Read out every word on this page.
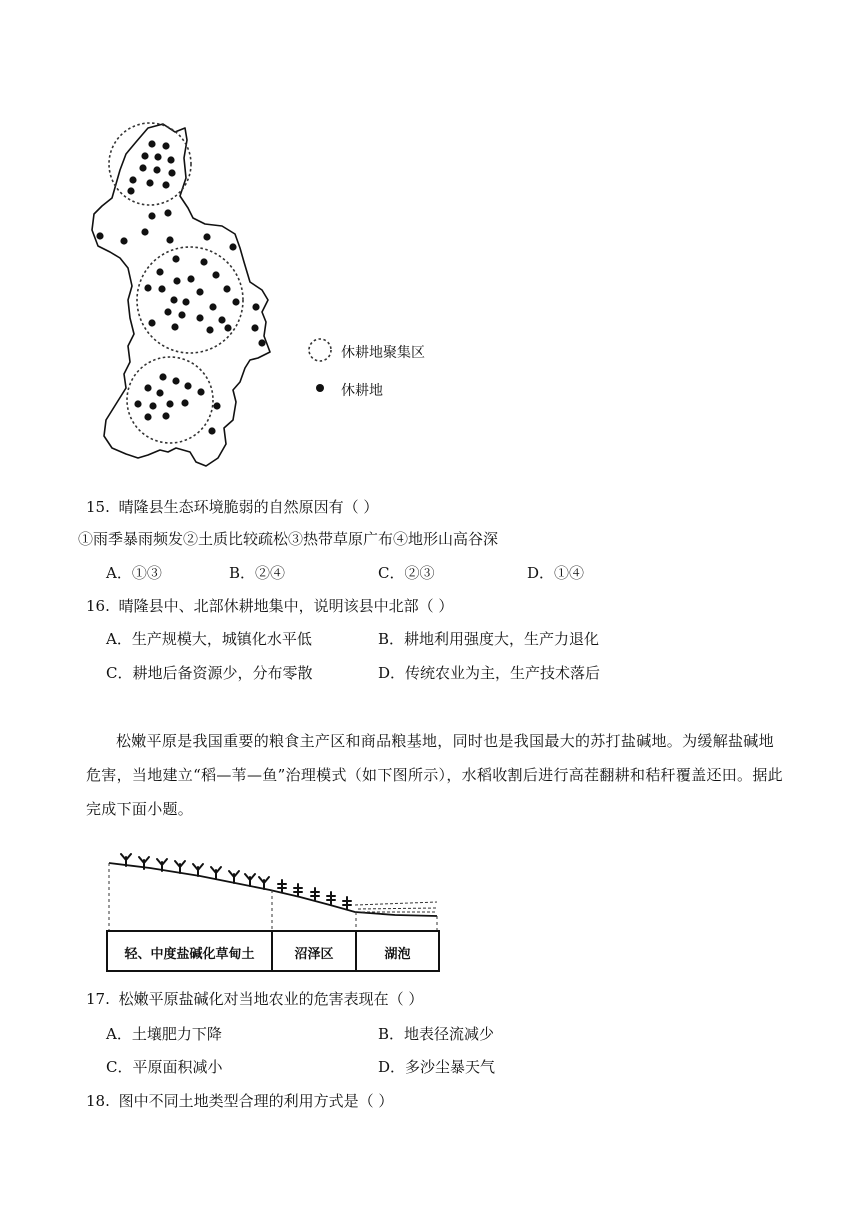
休耕地聚集区
休耕地
15. 晴隆县生态环境脆弱的自然原因有（ ）
①雨季暴雨频发②土质比较疏松③热带草原广布④地形山高谷深
A．①③	B．②④	C．②③	D．①④
16. 晴隆县中、北部休耕地集中，说明该县中北部（ ）
A．生产规模大，城镇化水平低	B．耕地利用强度大，生产力退化
C．耕地后备资源少，分布零散	D．传统农业为主，生产技术落后
松嫩平原是我国重要的粮食主产区和商品粮基地，同时也是我国最大的苏打盐碱地。为缓解盐碱地危害，当地建立“稻—苇—鱼”治理模式（如下图所示），水稻收割后进行高茬翻耕和秸秆覆盖还田。据此完成下面小题。
轻、中度盐碱化草甸土	沼泽区	湖泡
17. 松嫩平原盐碱化对当地农业的危害表现在（ ）
A．土壤肥力下降	B．地表径流减少
C．平原面积减小	D．多沙尘暴天气
18. 图中不同土地类型合理的利用方式是（ ）
